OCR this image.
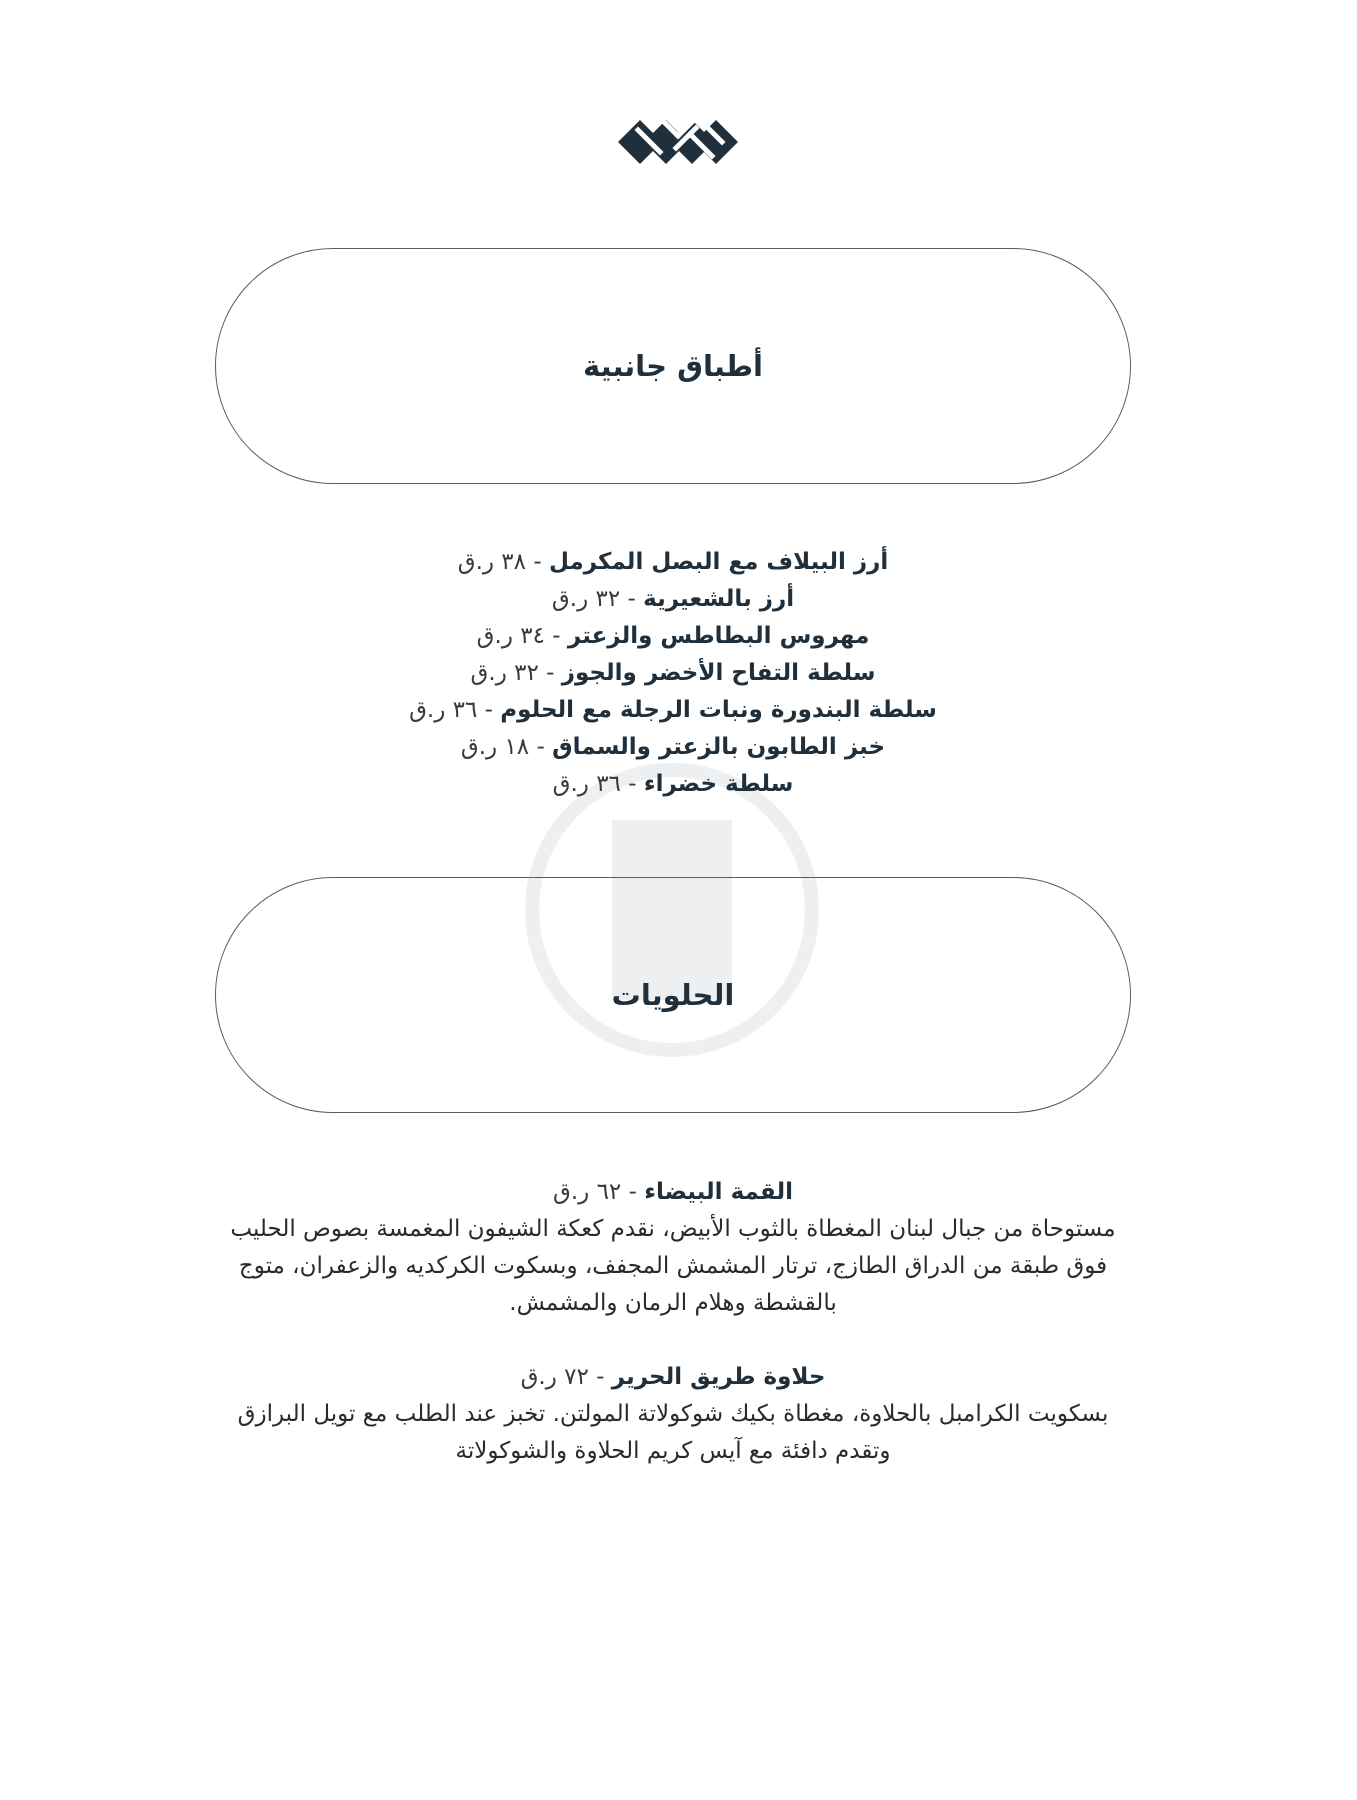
أطباق جانبية
أرز البيلاف مع البصل المكرمل - ٣٨ ر.ق
أرز بالشعيرية - ٣٢ ر.ق
مهروس البطاطس والزعتر - ٣٤ ر.ق
سلطة التفاح الأخضر والجوز - ٣٢ ر.ق
سلطة البندورة ونبات الرجلة مع الحلوم - ٣٦ ر.ق
خبز الطابون بالزعتر والسماق - ١٨ ر.ق
سلطة خضراء - ٣٦ ر.ق
الحلويات
القمة البيضاء - ٦٢ ر.ق
مستوحاة من جبال لبنان المغطاة بالثوب الأبيض، نقدم كعكة الشيفون المغمسة بصوص الحليب فوق طبقة من الدراق الطازج، ترتار المشمش المجفف، وبسكوت الكركديه والزعفران، متوج بالقشطة وهلام الرمان والمشمش.
حلاوة طريق الحرير - ٧٢ ر.ق
بسكويت الكرامبل بالحلاوة، مغطاة بكيك شوكولاتة المولتن. تخبز عند الطلب مع تويل البرازق وتقدم دافئة مع آيس كريم الحلاوة والشوكولاتة
